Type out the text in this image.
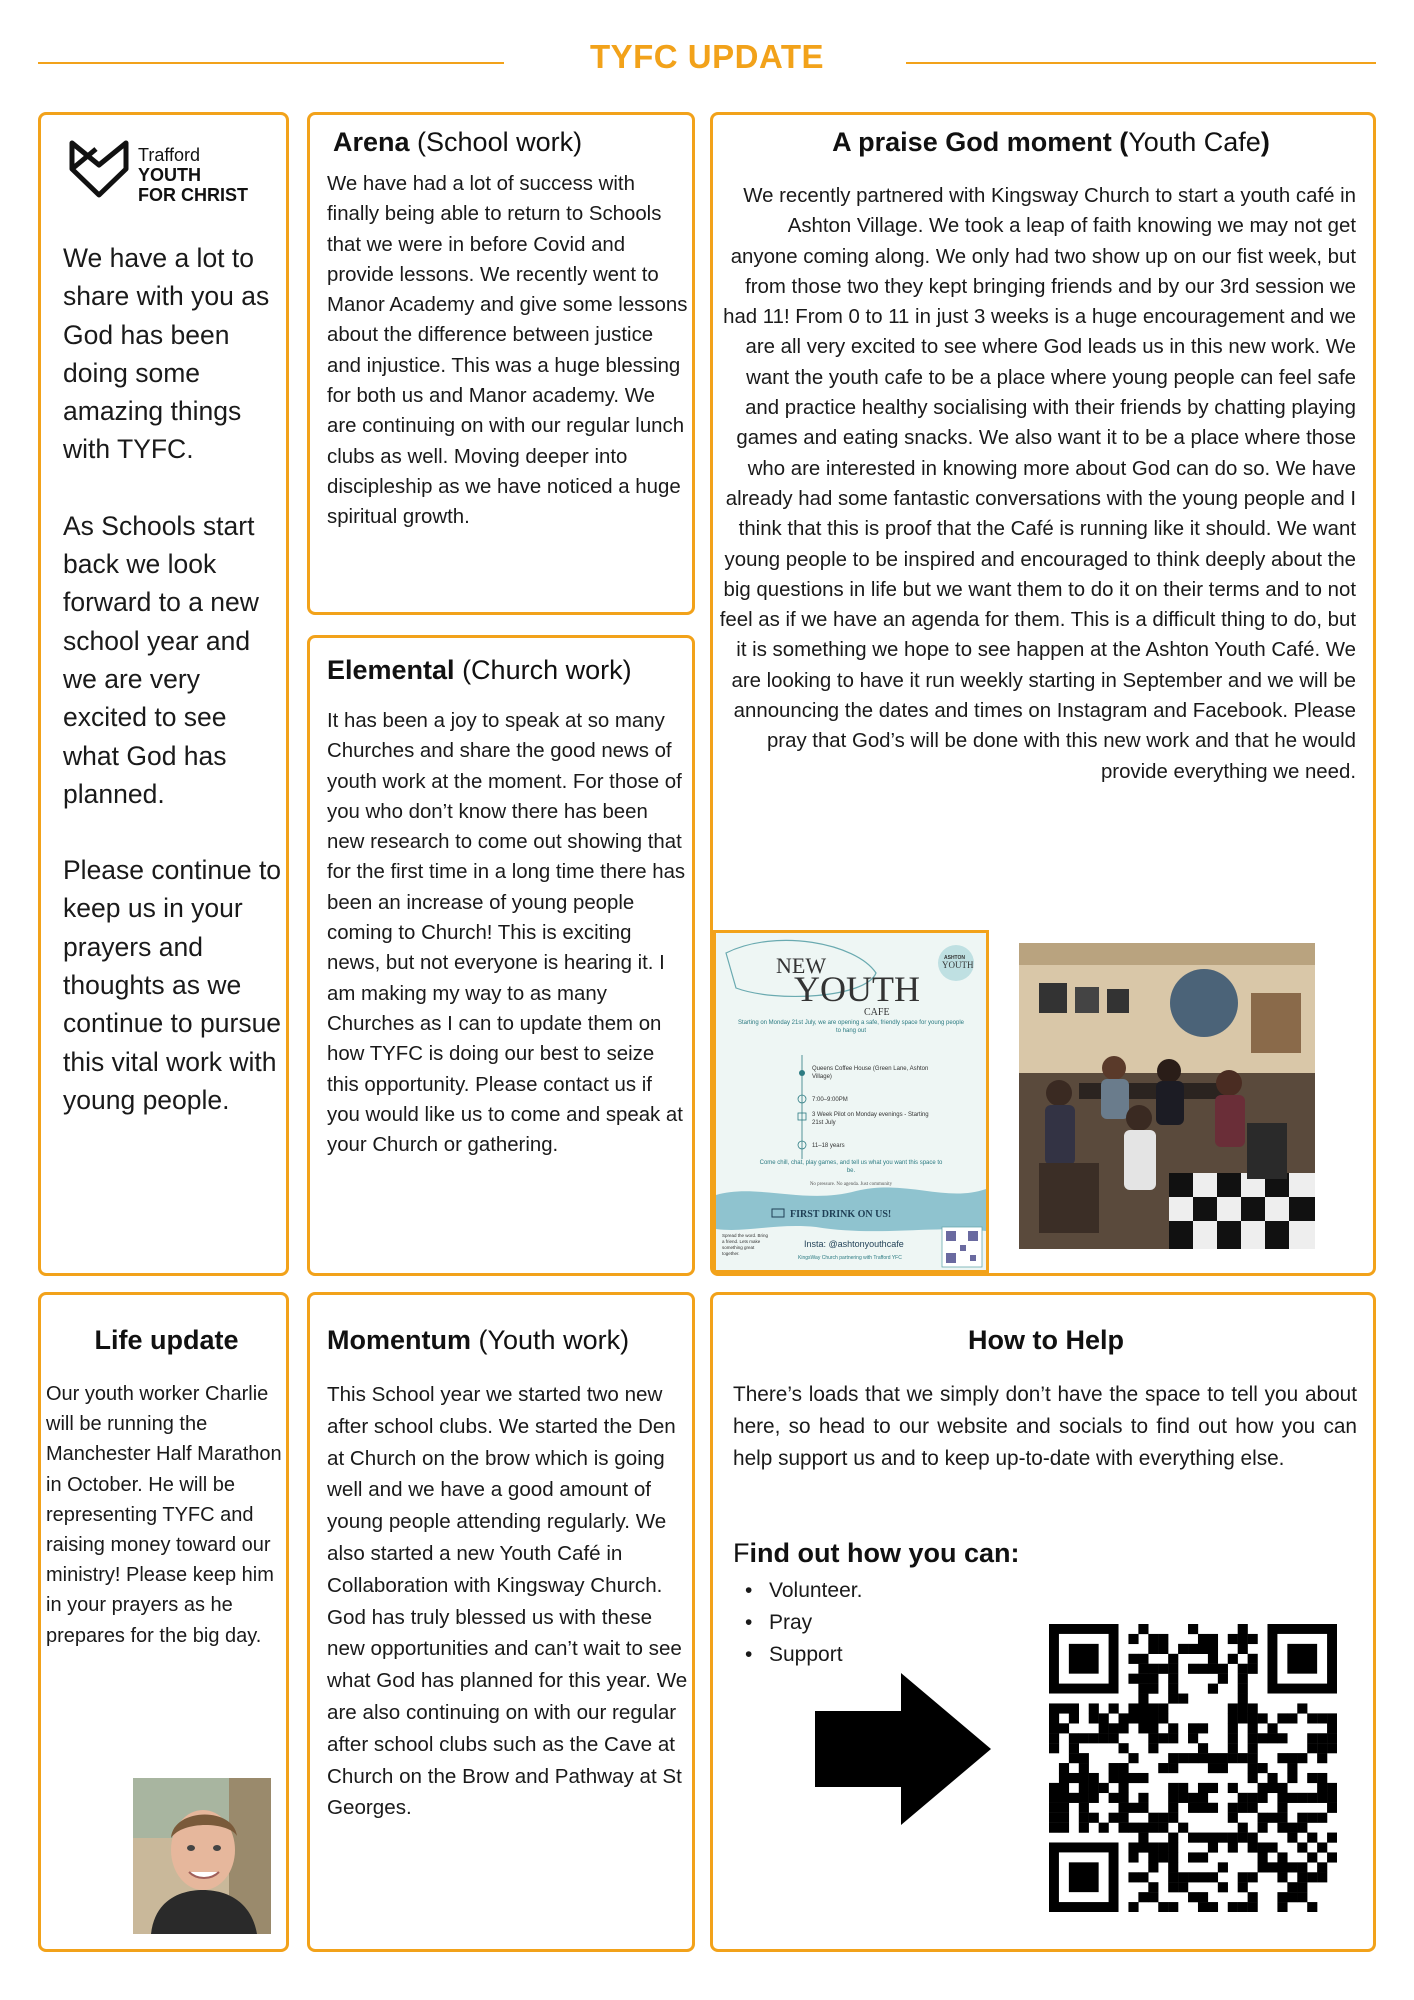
TYFC UPDATE
Trafford
YOUTH
FOR CHRIST

We have a lot to share with you as God has been doing some amazing things with TYFC.

As Schools start back we look forward to a new school year and we are very excited to see what God has planned.

Please continue to keep us in your prayers and thoughts as we continue to pursue this vital work with young people.

Arena (School work)
We have had a lot of success with finally being able to return to Schools that we were in before Covid and provide lessons. We recently went to Manor Academy and give some lessons about the difference between justice and injustice. This was a huge blessing for both us and Manor academy. We are continuing on with our regular lunch clubs as well. Moving deeper into discipleship as we have noticed a huge spiritual growth.
Elemental (Church work)
It has been a joy to speak at so many Churches and share the good news of youth work at the moment. For those of you who don’t know there has been new research to come out showing that for the first time in a long time there has been an increase of young people coming to Church! This is exciting news, but not everyone is hearing it. I am making my way to as many Churches as I can to update them on how TYFC is doing our best to seize this opportunity. Please contact us if you would like us to come and speak at your Church or gathering.
A praise God moment (Youth Cafe)
We recently partnered with Kingsway Church to start a youth café in Ashton Village. We took a leap of faith knowing we may not get anyone coming along. We only had two show up on our fist week, but from those two they kept bringing friends and by our 3rd session we had 11! From 0 to 11 in just 3 weeks is a huge encouragement and we are all very excited to see where God leads us in this new work. We want the youth cafe to be a place where young people can feel safe and practice healthy socialising with their friends by chatting playing games and eating snacks. We also want it to be a place where those who are interested in knowing more about God can do so. We have already had some fantastic conversations with the young people and I think that this is proof that the Café is running like it should. We want young people to be inspired and encouraged to think deeply about the big questions in life but we want them to do it on their terms and to not feel as if we have an agenda for them. This is a difficult thing to do, but it is something we hope to see happen at the Ashton Youth Café. We are looking to have it run weekly starting in September and we will be announcing the dates and times on Instagram and Facebook. Please pray that God’s will be done with this new work and that he would provide everything we need.
NEW
YOUTH
CAFE
ASHTON
YOUTH
Starting on Monday 21st July, we are opening a safe, friendly space for young people to hang out
Queens Coffee House (Green Lane, Ashton Village)
7:00–9:00PM
3 Week Pilot on Monday evenings - Starting 21st July
11–18 years
Come chill, chat, play games, and tell us what you want this space to be.
No pressure. No agenda. Just community
FIRST DRINK ON US!
Spread the word. Bring a friend. Lets make something great together.
Insta: @ashtonyouthcafe
KingsWay Church partnering with Trafford YFC
Life update
Our youth worker Charlie will be running the Manchester Half Marathon in October. He will be representing TYFC and raising money toward our ministry! Please keep him in your prayers as he prepares for the big day.
Momentum (Youth work)
This School year we started two new after school clubs. We started the Den at Church on the brow which is going well and we have a good amount of young people attending regularly. We also started a new Youth Café in Collaboration with Kingsway Church. God has truly blessed us with these new opportunities and can’t wait to see what God has planned for this year. We are also continuing on with our regular after school clubs such as the Cave at Church on the Brow and Pathway at St Georges.
How to Help
There’s loads that we simply don’t have the space to tell you about here, so head to our website and socials to find out how you can help support us and to keep up-to-date with everything else.
Find out how you can:
• Volunteer.
• Pray
• Support
